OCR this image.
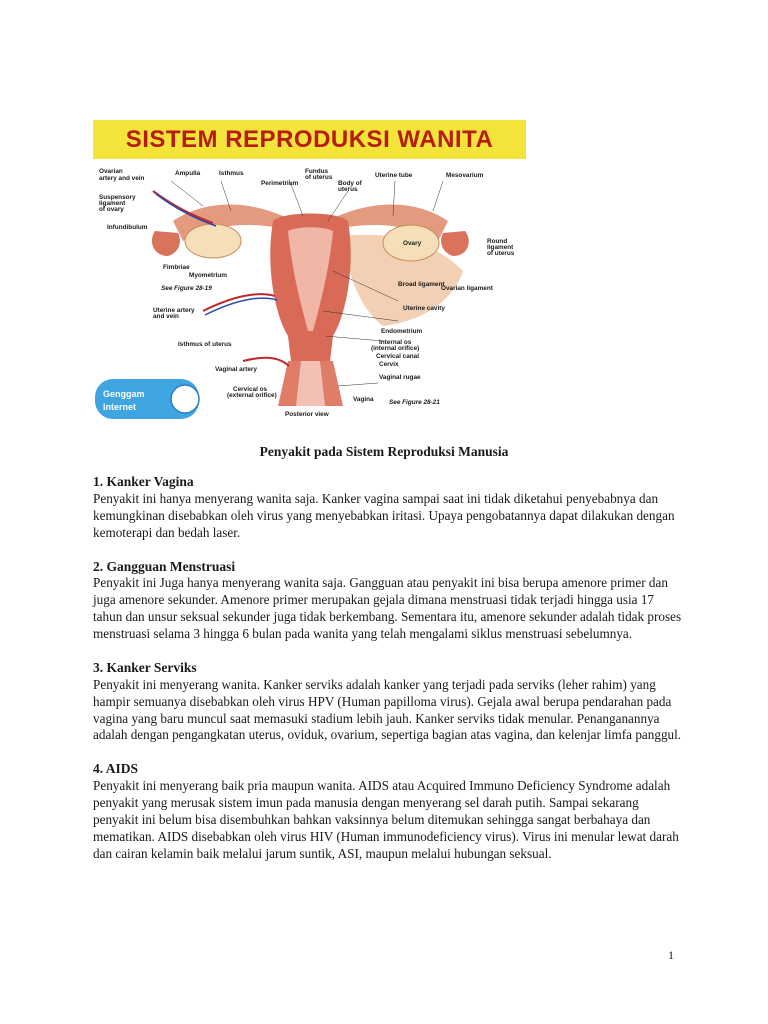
SISTEM REPRODUKSI WANITA
Ovarian
artery and vein
Ampulla	Isthmus	Fundus
of uterus
Perimetrium	Body of
uterus
Uterine tube	Mesovarium
Suspensory
ligament
of ovary
Infundibulum
Ovary	Round
ligament
of uterus
Fimbriae
Myometrium
Broad ligament
Ovarian ligament
See Figure 28-19
Uterine cavity
Uterine artery
and vein
Endometrium
Isthmus of uterus	Internal os
(internal orifice)
Cervical canal
Vaginal artery
Cervix
Vaginal rugae
Cervical os
(external orifice)
Vagina See Figure 28-21
Posterior view
Genggam
Internet
Penyakit pada Sistem Reproduksi Manusia
1. Kanker Vagina

Penyakit ini hanya menyerang wanita saja. Kanker vagina sampai saat ini tidak diketahui penyebabnya dan kemungkinan disebabkan oleh virus yang menyebabkan iritasi. Upaya pengobatannya dapat dilakukan dengan kemoterapi dan bedah laser.

2. Gangguan Menstruasi

Penyakit ini Juga hanya menyerang wanita saja. Gangguan atau penyakit ini bisa berupa amenore primer dan juga amenore sekunder. Amenore primer merupakan gejala dimana menstruasi tidak terjadi hingga usia 17 tahun dan unsur seksual sekunder juga tidak berkembang. Sementara itu, amenore sekunder adalah tidak proses menstruasi selama 3 hingga 6 bulan pada wanita yang telah mengalami siklus menstruasi sebelumnya.

3. Kanker Serviks

Penyakit ini menyerang wanita. Kanker serviks adalah kanker yang terjadi pada serviks (leher rahim) yang hampir semuanya disebabkan oleh virus HPV (Human papilloma virus). Gejala awal berupa pendarahan pada vagina yang baru muncul saat memasuki stadium lebih jauh. Kanker serviks tidak menular. Penanganannya adalah dengan pengangkatan uterus, oviduk, ovarium, sepertiga bagian atas vagina, dan kelenjar limfa panggul.

4. AIDS

Penyakit ini menyerang baik pria maupun wanita. AIDS atau Acquired Immuno Deficiency Syndrome adalah penyakit yang merusak sistem imun pada manusia dengan menyerang sel darah putih. Sampai sekarang penyakit ini belum bisa disembuhkan bahkan vaksinnya belum ditemukan sehingga sangat berbahaya dan mematikan. AIDS disebabkan oleh virus HIV (Human immunodeficiency virus). Virus ini menular lewat darah dan cairan kelamin baik melalui jarum suntik, ASI, maupun melalui hubungan seksual.

1
